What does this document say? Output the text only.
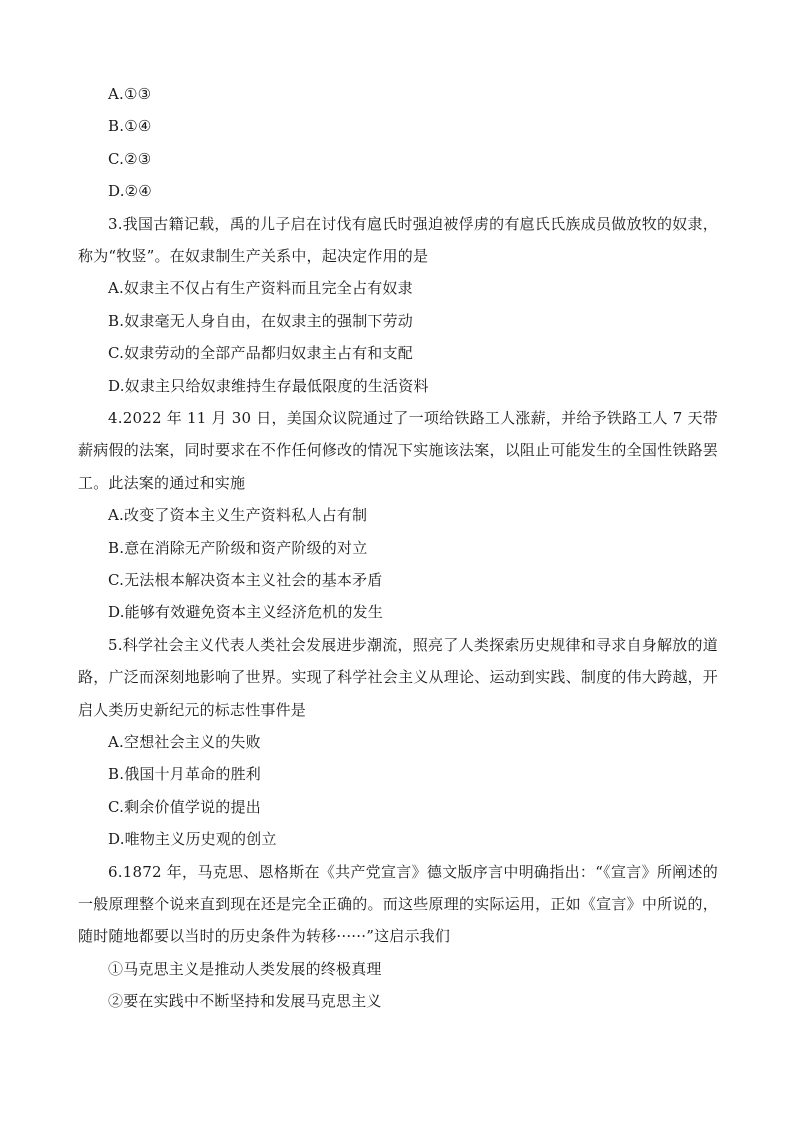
A.①③
B.①④
C.②③
D.②④
3.我国古籍记载，禹的儿子启在讨伐有扈氏时强迫被俘虏的有扈氏氏族成员做放牧的奴隶，称为“牧竖”。在奴隶制生产关系中，起决定作用的是
A.奴隶主不仅占有生产资料而且完全占有奴隶
B.奴隶毫无人身自由，在奴隶主的强制下劳动
C.奴隶劳动的全部产品都归奴隶主占有和支配
D.奴隶主只给奴隶维持生存最低限度的生活资料
4.2022 年 11 月 30 日，美国众议院通过了一项给铁路工人涨薪，并给予铁路工人 7 天带薪病假的法案，同时要求在不作任何修改的情况下实施该法案，以阻止可能发生的全国性铁路罢工。此法案的通过和实施
A.改变了资本主义生产资料私人占有制
B.意在消除无产阶级和资产阶级的对立
C.无法根本解决资本主义社会的基本矛盾
D.能够有效避免资本主义经济危机的发生
5.科学社会主义代表人类社会发展进步潮流，照亮了人类探索历史规律和寻求自身解放的道路，广泛而深刻地影响了世界。实现了科学社会主义从理论、运动到实践、制度的伟大跨越，开启人类历史新纪元的标志性事件是
A.空想社会主义的失败
B.俄国十月革命的胜利
C.剩余价值学说的提出
D.唯物主义历史观的创立
6.1872 年，马克思、恩格斯在《共产党宣言》德文版序言中明确指出：“《宣言》所阐述的一般原理整个说来直到现在还是完全正确的。而这些原理的实际运用，正如《宣言》中所说的，随时随地都要以当时的历史条件为转移······”这启示我们
①马克思主义是推动人类发展的终极真理
②要在实践中不断坚持和发展马克思主义
